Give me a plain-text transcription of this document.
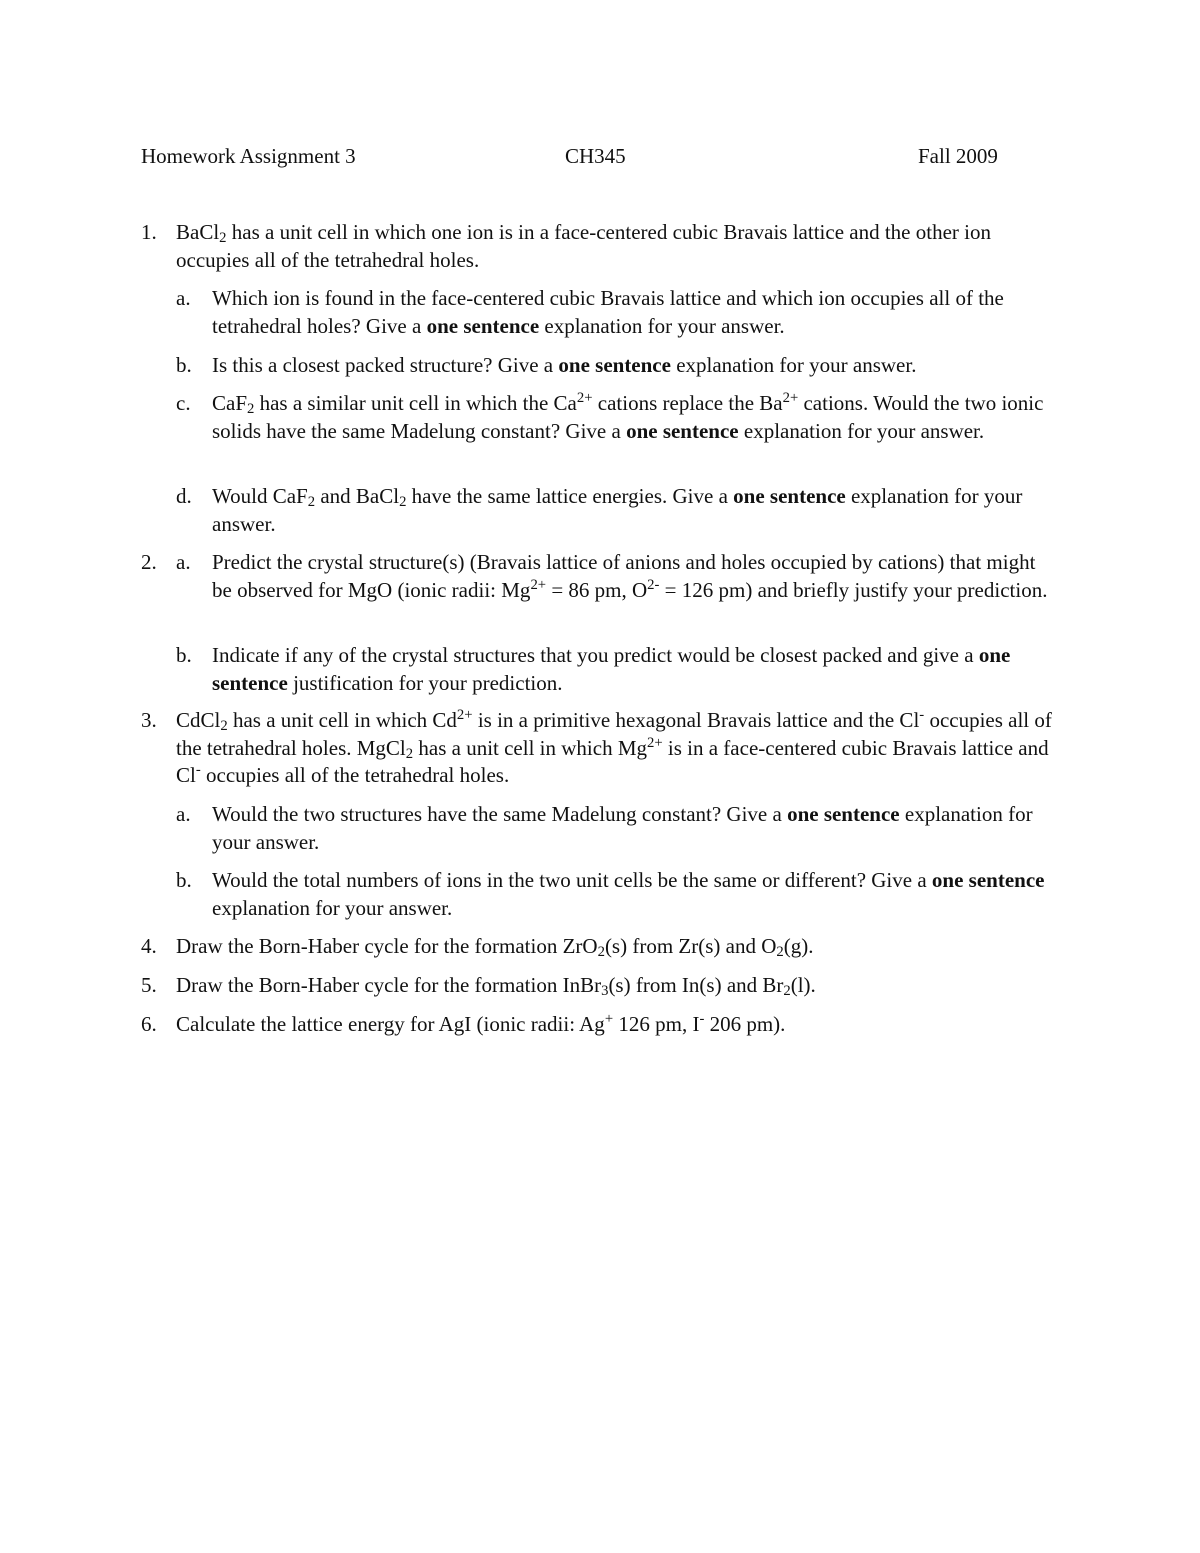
Homework Assignment 3	CH345	Fall 2009
1. BaCl$_2$ has a unit cell in which one ion is in a face-centered cubic Bravais lattice and the other ion occupies all of the tetrahedral holes.

a. Which ion is found in the face-centered cubic Bravais lattice and which ion occupies all of the tetrahedral holes? Give a one sentence explanation for your answer.

b. Is this a closest packed structure? Give a one sentence explanation for your answer.

c. CaF$_2$ has a similar unit cell in which the $Ca^{2+}$ cations replace the $Ba^{2+}$ cations. Would the two ionic solids have the same Madelung constant? Give a one sentence explanation for your answer.

d. Would CaF$_2$ and BaCl$_2$ have the same lattice energies. Give a one sentence explanation for your answer.

2. a. Predict the crystal structure(s) (Bravais lattice of anions and holes occupied by cations) that might be observed for MgO (ionic radii: $Mg^{2+} = 86$ pm, $O^{2-} = 126$ pm) and briefly justify your prediction.

b. Indicate if any of the crystal structures that you predict would be closest packed and give a one sentence justification for your prediction.

3. CdCl$_2$ has a unit cell in which $Cd^{2+}$ is in a primitive hexagonal Bravais lattice and the Cl- occupies all of the tetrahedral holes. MgCl$_2$ has a unit cell in which $Mg^{2+}$ is in a face-centered cubic Bravais lattice and Cl- occupies all of the tetrahedral holes.

a. Would the two structures have the same Madelung constant? Give a one sentence explanation for your answer.

b. Would the total numbers of ions in the two unit cells be the same or different? Give a one sentence explanation for your answer.

4. Draw the Born-Haber cycle for the formation ZrO$_2$(s) from Zr(s) and $O_2(g)$.

5. Draw the Born-Haber cycle for the formation InBr$_3$(s) from In(s) and $Br_2(l)$.

6. Calculate the lattice energy for AgI (ionic radii: Ag+ 126 pm, I- 206 pm).
